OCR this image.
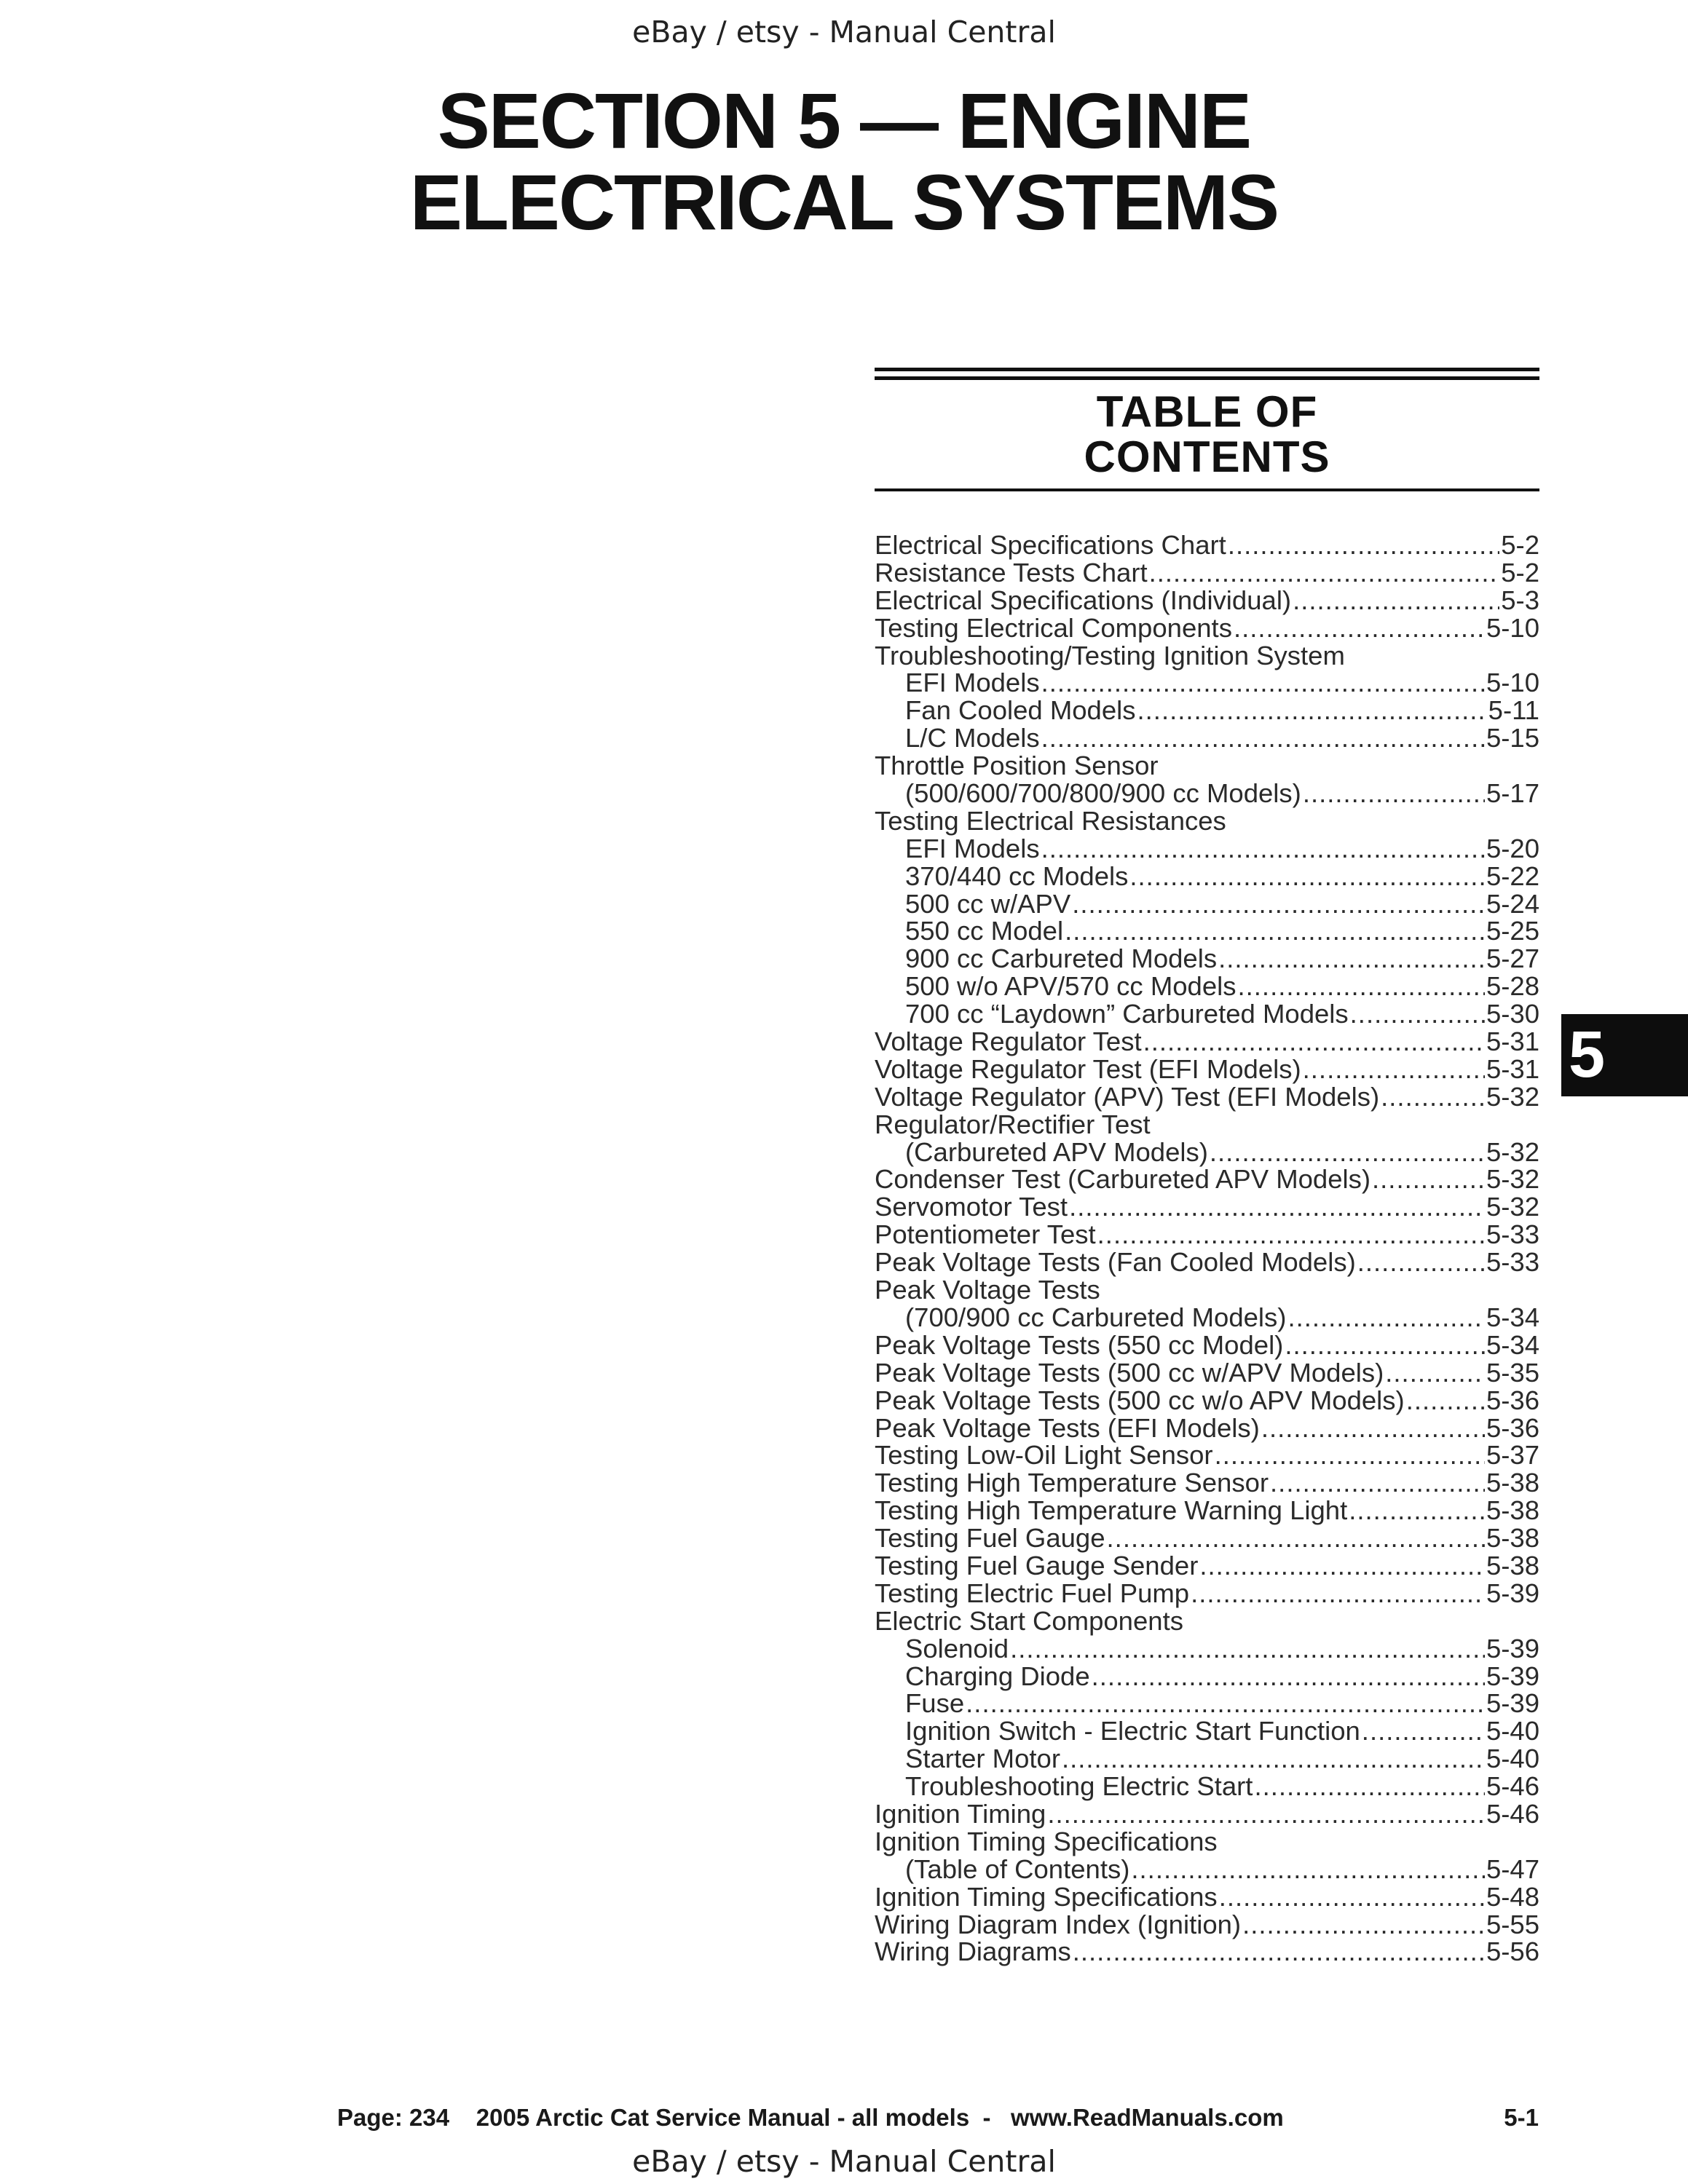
eBay / etsy - Manual Central
SECTION 5 — ENGINE
ELECTRICAL SYSTEMS
TABLE OF
CONTENTS
Electrical Specifications Chart .....	5-2
Resistance Tests Chart .....	5-2
Electrical Specifications (Individual) .....	5-3
Testing Electrical Components .....	5-10
Troubleshooting/Testing Ignition System
EFI Models .....	5-10
Fan Cooled Models .....	5-11
L/C Models .....	5-15
Throttle Position Sensor
(500/600/700/800/900 cc Models) .....	5-17
Testing Electrical Resistances
EFI Models .....	5-20
370/440 cc Models .....	5-22
500 cc w/APV .....	5-24
550 cc Model .....	5-25
900 cc Carbureted Models .....	5-27
500 w/o APV/570 cc Models .....	5-28
700 cc “Laydown” Carbureted Models .....	5-30
Voltage Regulator Test .....	5-31
Voltage Regulator Test (EFI Models) .....	5-31
Voltage Regulator (APV) Test (EFI Models) .....	5-32
Regulator/Rectifier Test
(Carbureted APV Models) .....	5-32
Condenser Test (Carbureted APV Models) .....	5-32
Servomotor Test .....	5-32
Potentiometer Test .....	5-33
Peak Voltage Tests (Fan Cooled Models) .....	5-33
Peak Voltage Tests
(700/900 cc Carbureted Models) .....	5-34
Peak Voltage Tests (550 cc Model) .....	5-34
Peak Voltage Tests (500 cc w/APV Models) .....	5-35
Peak Voltage Tests (500 cc w/o APV Models) .....	5-36
Peak Voltage Tests (EFI Models) .....	5-36
Testing Low-Oil Light Sensor .....	5-37
Testing High Temperature Sensor .....	5-38
Testing High Temperature Warning Light .....	5-38
Testing Fuel Gauge .....	5-38
Testing Fuel Gauge Sender .....	5-38
Testing Electric Fuel Pump .....	5-39
Electric Start Components
Solenoid .....	5-39
Charging Diode .....	5-39
Fuse .....	5-39
Ignition Switch - Electric Start Function .....	5-40
Starter Motor .....	5-40
Troubleshooting Electric Start .....	5-46
Ignition Timing .....	5-46
Ignition Timing Specifications
(Table of Contents) .....	5-47
Ignition Timing Specifications .....	5-48
Wiring Diagram Index (Ignition) .....	5-55
Wiring Diagrams .....	5-56
5
Page: 234    2005 Arctic Cat Service Manual - all models  -   www.ReadManuals.com	5-1
eBay / etsy - Manual Central
